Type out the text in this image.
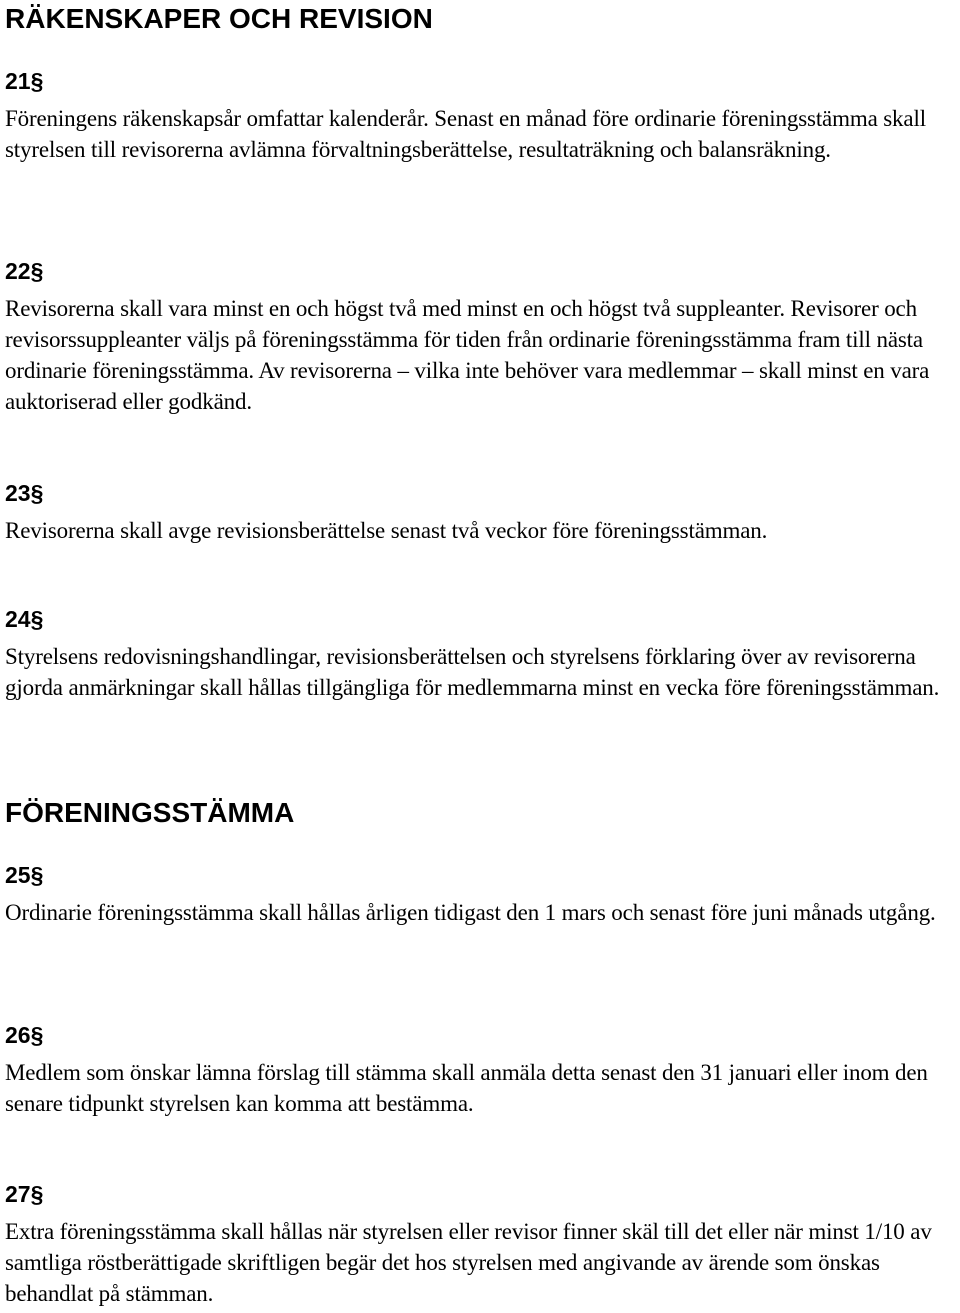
RÄKENSKAPER OCH REVISION
21§

Föreningens räkenskapsår omfattar kalenderår. Senast en månad före ordinarie föreningsstämma skall styrelsen till revisorerna avlämna förvaltningsberättelse, resultaträkning och balansräkning.

22§

Revisorerna skall vara minst en och högst två med minst en och högst två suppleanter. Revisorer och revisorssuppleanter väljs på föreningsstämma för tiden från ordinarie föreningsstämma fram till nästa ordinarie föreningsstämma. Av revisorerna – vilka inte behöver vara medlemmar – skall minst en vara auktoriserad eller godkänd.

23§

Revisorerna skall avge revisionsberättelse senast två veckor före föreningsstämman.

24§

Styrelsens redovisningshandlingar, revisionsberättelsen och styrelsens förklaring över av revisorerna gjorda anmärkningar skall hållas tillgängliga för medlemmarna minst en vecka före föreningsstämman.

FÖRENINGSSTÄMMA
25§

Ordinarie föreningsstämma skall hållas årligen tidigast den 1 mars och senast före juni månads utgång.

26§

Medlem som önskar lämna förslag till stämma skall anmäla detta senast den 31 januari eller inom den senare tidpunkt styrelsen kan komma att bestämma.

27§

Extra föreningsstämma skall hållas när styrelsen eller revisor finner skäl till det eller när minst 1/10 av samtliga röstberättigade skriftligen begär det hos styrelsen med angivande av ärende som önskas behandlat på stämman.
